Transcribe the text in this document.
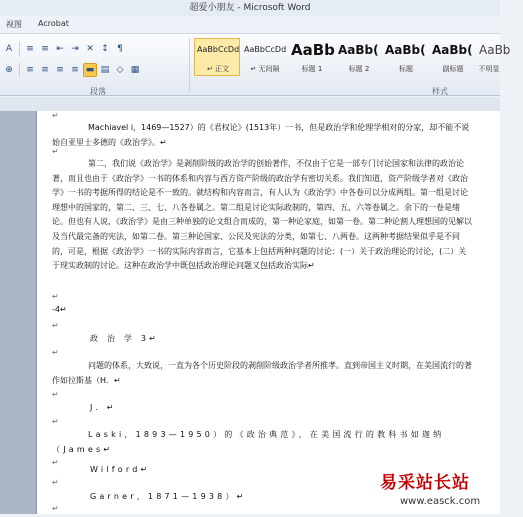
超爱小朋友 - Microsoft Word
视图 Acrobat
A	≡ ≡ ⇤ ⇥ ✕ ↕ ¶
⊕	≡ ≡ ≡ ≡ ▬ ▤ ◇ ▦
段落	样式
AaBbCcDd
↵ 正文
AaBbCcDd
↵ 无间隔
AaBb
标题 1
AaBb(
标题 2
AaBb(
标题
AaBb(
副标题
AaBb
不明显
↵
Machiavel i，1469—1527）的《君权论》(1513年）一书，但是政治学和伦理学相对的分家，却不能不说始自亚里士多德的《政治学》。↵
↵
第二，我们说《政治学》是剥削阶级的政治学的创始著作，不仅由于它是一部专门讨论国家和法律的政治论著，而且也由于《政治学》一书的体系和内容与西方资产阶级的政治学有密切关系。我们知道，资产阶级学者对《政治学》一书的考据所得的结论是不一致的。就结构和内容而言，有人认为《政治学》中各卷可以分成两组。第一组是讨论理想中的国家的，第二、三、七、八各卷属之。第二组是讨论实际政制的，第四、五、六等卷属之。余下的一卷是绪论。但也有人说，《政治学》是由三种单独的论文组合而成的，第一种论家庭，如第一卷。第二种论割人理想国的见解以及当代最完备的宪法，如第二卷。第三种论国家、公民及宪法的分类，如第七、八两卷。这两种考据结果似乎是不同的，可是，根据《政治学》一书的实际内容而言，它基本上包括两种问题的讨论：(一）关于政治理论的讨论，(二）关于现实政制的讨论。这种在政治学中既包括政治理论问题又包括政治实际↵
↵
-4↵
↵
政 治 学 3↵
↵
问题的体系，大致说，一直为各个历史阶段的剥削阶级政治学者所推孝。直到帝国主义时期，在美国流行的著作如拉斯基（H．↵
↵
J．↵
↵
Laski，1893—1950）的《政治典范》，在美国流行的教科书如迦纳（James↵
↵
Wilford↵
↵
Garner，1871—1938）↵
↵
易采站长站
www.easck.com
